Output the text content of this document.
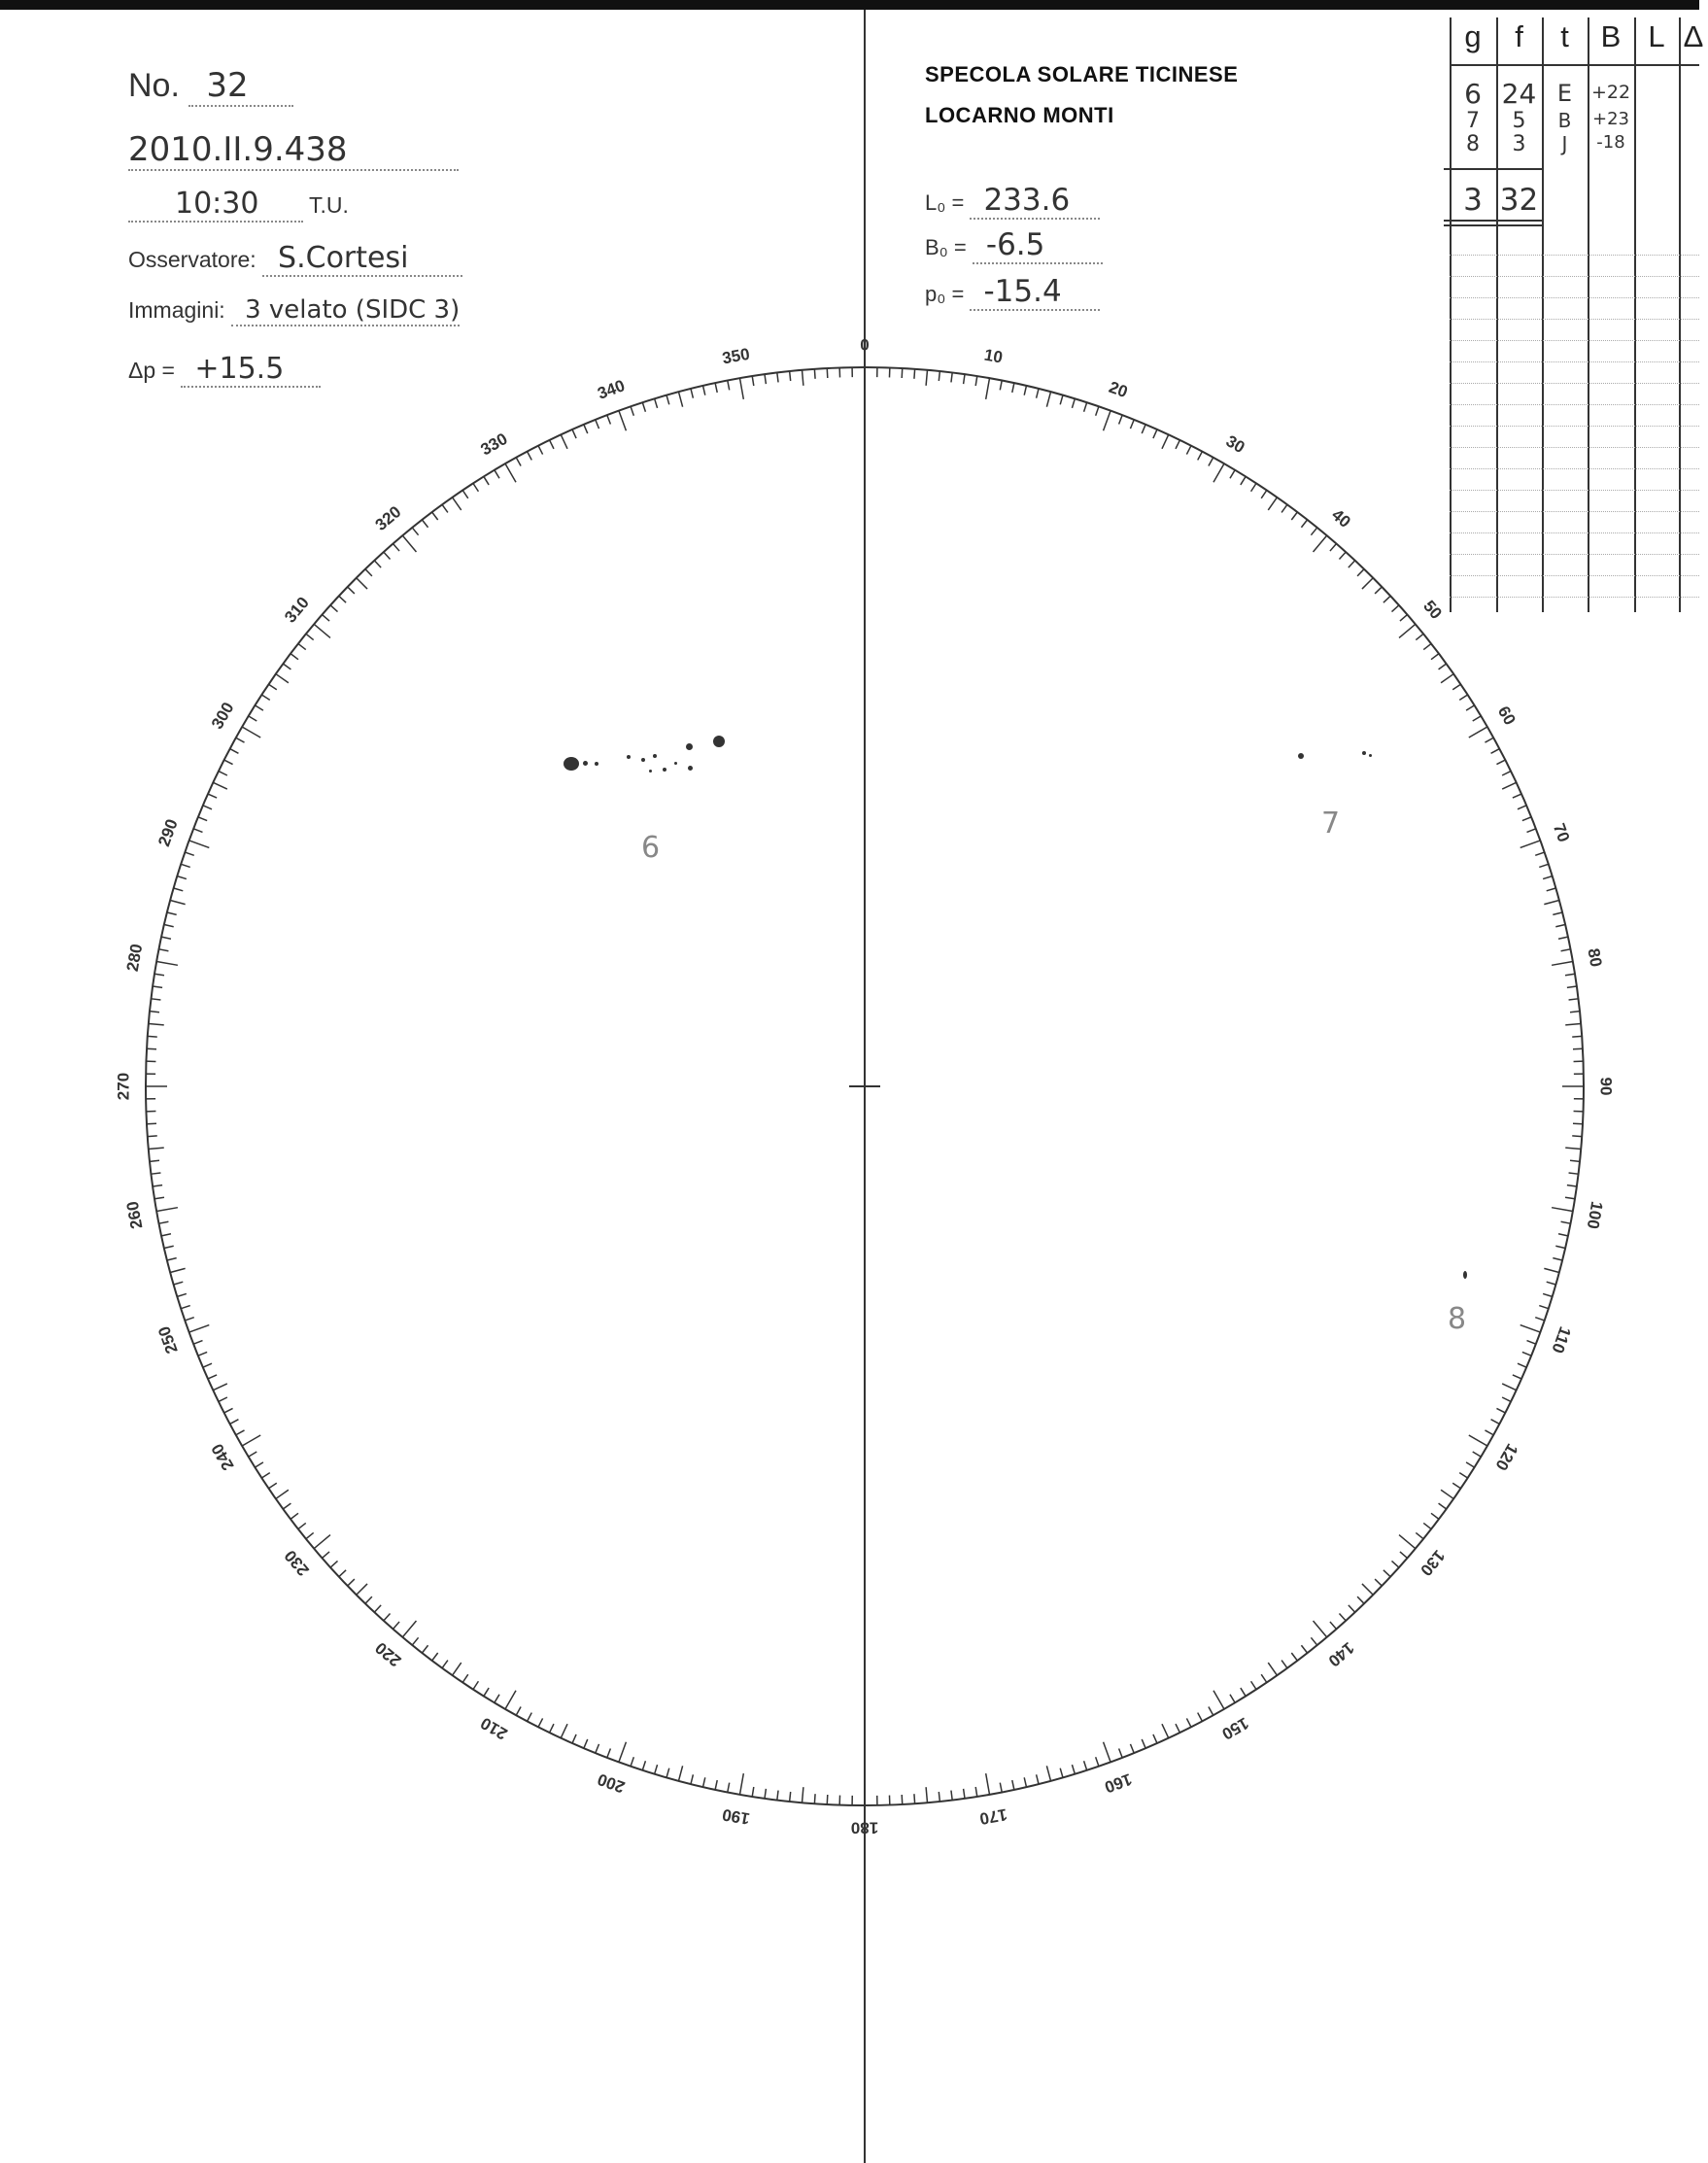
No. 32
2010.II.9.438
10:30 T.U.
Osservatore: S.Cortesi
Immagini: 3 velato (SIDC 3)
Δp = +15.5
SPECOLA SOLARE TICINESE
LOCARNO MONTI
L₀ = 233.6
B₀ = -6.5
p₀ = -15.4
0
10
20
30
40
50
60
70
80
90
100
110
120
130
140
150
160
170
180
190
200
210
220
230
240
250
260
270
280
290
300
310
320
330
340
350
6
7
8
g	f	t	B L Δ
6 24 E	+22
7	5	B	+23
8	3	J	-18
3 32
